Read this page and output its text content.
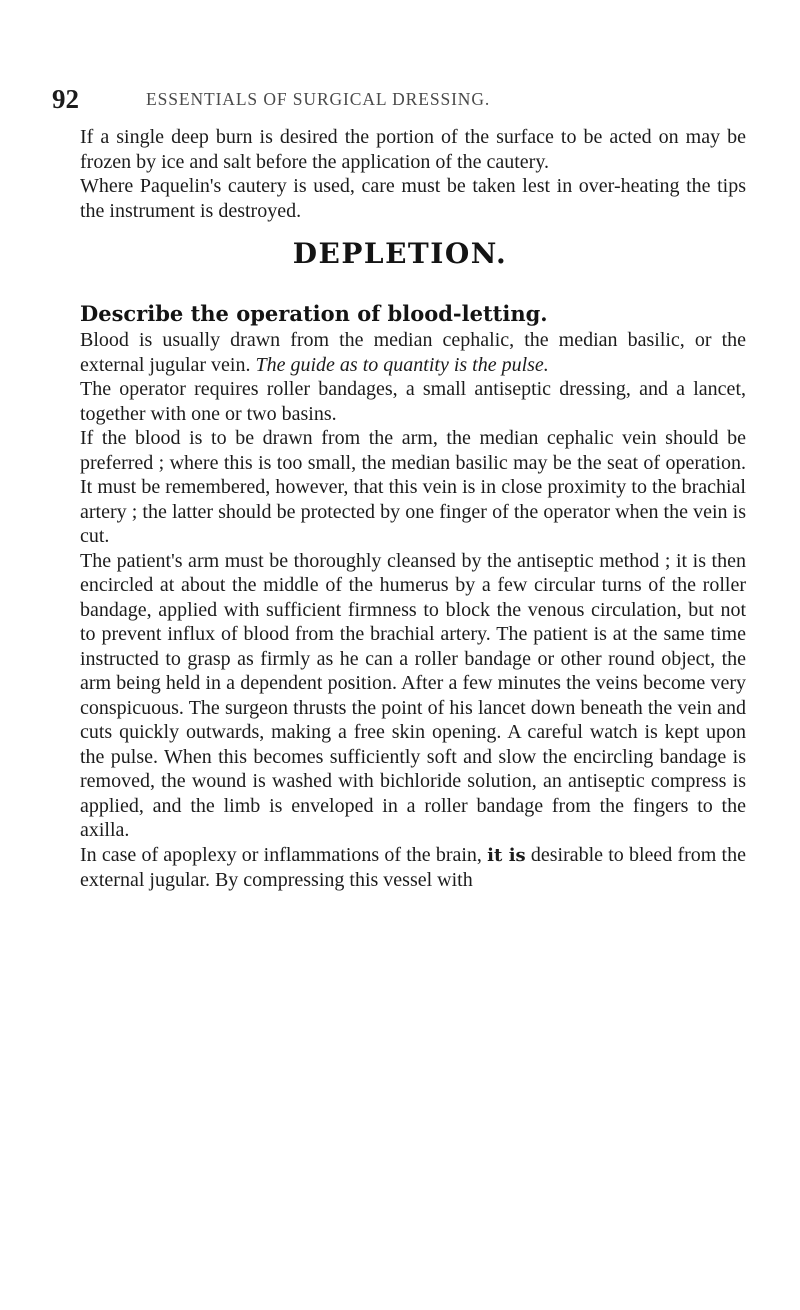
92	ESSENTIALS OF SURGICAL DRESSING.

If a single deep burn is desired the portion of the surface to be acted on may be frozen by ice and salt before the application of the cautery.

Where Paquelin's cautery is used, care must be taken lest in over-heating the tips the instrument is destroyed.

DEPLETION.
Describe the operation of blood-letting.

Blood is usually drawn from the median cephalic, the median basilic, or the external jugular vein. The guide as to quantity is the pulse.

The operator requires roller bandages, a small antiseptic dressing, and a lancet, together with one or two basins.

If the blood is to be drawn from the arm, the median cephalic vein should be preferred ; where this is too small, the median basilic may be the seat of operation. It must be remembered, however, that this vein is in close proximity to the brachial artery ; the latter should be protected by one finger of the operator when the vein is cut.

The patient's arm must be thoroughly cleansed by the antiseptic method ; it is then encircled at about the middle of the humerus by a few circular turns of the roller bandage, applied with sufficient firmness to block the venous circulation, but not to prevent influx of blood from the brachial artery. The patient is at the same time instructed to grasp as firmly as he can a roller bandage or other round object, the arm being held in a dependent position. After a few minutes the veins become very conspicuous. The surgeon thrusts the point of his lancet down beneath the vein and cuts quickly outwards, making a free skin opening. A careful watch is kept upon the pulse. When this becomes sufficiently soft and slow the encircling bandage is removed, the wound is washed with bichloride solution, an antiseptic compress is applied, and the limb is enveloped in a roller bandage from the fingers to the axilla.

In case of apoplexy or inflammations of the brain, it is desirable to bleed from the external jugular. By compressing this vessel with
